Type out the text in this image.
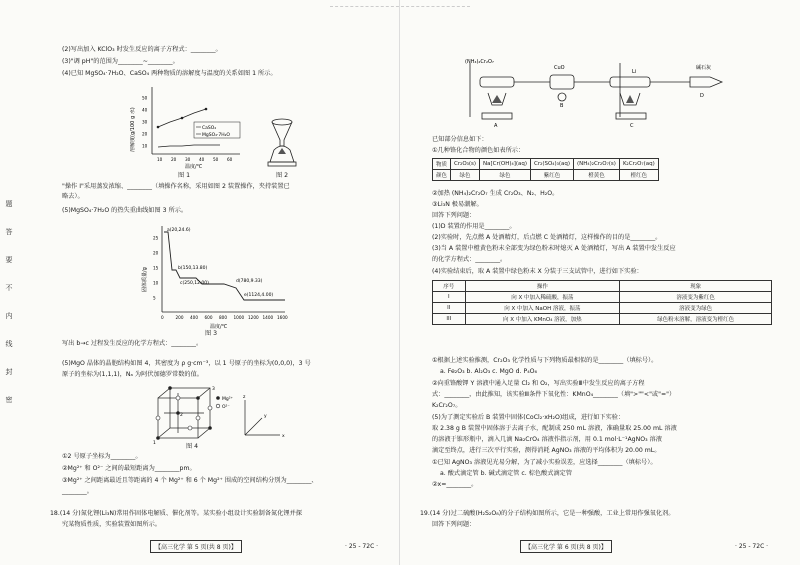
题
答
要
不
内
线
封
密
(2)写出加入 KClO₃ 时发生反应的离子方程式：________。
(3)"调 pH"的范围为________~________。
(4)已知 MgSO₄·7H₂O、CaSO₄ 两种物质的溶解度与温度的关系如图 1 所示。
溶解度(g/100 g 水)
温度/℃
10 20 30 40 50 60
10
20
30
40
50
CaSO₄
MgSO₄·7H₂O
图 1	图 2
"操作 I"采用蒸发浓缩、________（填操作名称，采用如图 2 装置操作，夹持装置已
略去）。
(5)MgSO₄·7H₂O 的热失重曲线如图 3 所示。
固体质量/g
温度/℃
0	200 400 600 800 1000 1200 1400 1600
5
10
15
20
25
a(20,24.6)
b(150,13.80)
c(250,12.00)	d(780,9.33)
e(1124,4.00)
图 3
写出 b→c 过程发生反应的化学方程式：________。
(5)MgO 晶体的晶胞结构如图 4，其密度为 ρ g·cm⁻³，以 1 号原子的坐标为(0,0,0)，3 号
原子的坐标为(1,1,1)，Nₐ 为阿伏加德罗常数的值。
1
2
3
Mg²⁺
O²⁻
x
z
y
图 4
①2 号原子坐标为________。
②Mg²⁺ 和 O²⁻ 之间的最短距离为________pm。
③Mg²⁺ 之间距离最近且等距离的 4 个 Mg²⁺ 和 6 个 Mg²⁺ 围成的空间结构分别为________、
________。
18.(14 分)氮化锂(Li₃N)常用作固体电解质、催化剂等。某实验小组设计实验制备氮化锂并探
究某物质性质，实验装置如图所示。
【高三化学 第 5 页(共 8 页)】	· 25 - 72C ·
(NH₄)₂Cr₂O₇
CuO
Li
碱石灰
A
B
C
D
已知部分信息如下：
①几种铬化合物的颜色如表所示：
物质	Cr₂O₃(s)	Na[Cr(OH)₄](aq)	Cr₂(SO₄)₃(aq)	(NH₄)₂Cr₂O₇(s)	K₂Cr₂O₇(aq)
颜色	绿色	绿色	紫红色	橙黄色	橙红色
②加热 (NH₄)₂Cr₂O₇ 生成 Cr₂O₃、N₂、H₂O。
③Li₃N 极易潮解。
回答下列问题：
(1)D 装置的作用是________。
(2)实验时，先点燃 A 处酒精灯，后点燃 C 处酒精灯，这样操作的目的是________。
(3)当 A 装置中橙黄色粉末全部变为绿色粉末时熄灭 A 处酒精灯，写出 A 装置中发生反应
的化学方程式：________。
(4)实验结束后，取 A 装置中绿色粉末 X 分装于三支试管中，进行如下实验：
序号	操作	现象
I	向 X 中加入稀硫酸，振荡	溶液变为紫红色
II	向 X 中加入 NaOH 溶液，振荡	溶液变为绿色
III	向 X 中加入 KMnO₄ 溶液，加热	绿色粉末溶解，溶液变为橙红色
①根据上述实验推测，Cr₂O₃ 化学性质与下列物质最相似的是________（填标号）。
a. Fe₂O₃ b. Al₂O₃ c. MgO d. P₄O₆
②向重铬酸钾 Y 溶液中通入足量 Cl₂ 和 O₂，写出实验Ⅲ中发生反应的离子方程
式：________，由此推知，该实验Ⅲ条件下氧化性：KMnO₄________（填">""<"或"="）
K₂Cr₂O₇。
(5)为了测定实验后 B 装置中固体(CoCl₂·xH₂O)组成，进行如下实验：
取 2.38 g B 装置中固体溶于去离子水，配制成 250 mL 溶液，准确量取 25.00 mL 溶液
的溶液于锥形瓶中，滴入几滴 Na₂CrO₄ 溶液作指示剂，用 0.1 mol·L⁻¹AgNO₃ 溶液
滴定至终点，进行三次平行实验，测得消耗 AgNO₃ 溶液的平均体积为 20.00 mL。
①已知 AgNO₃ 溶液见光易分解，为了减小实验误差，应选择________（填标号）。
a. 酸式滴定管 b. 碱式滴定管 c. 棕色酸式滴定管
②x=________。
19.(14 分)过二硫酸(H₂S₂O₈)的分子结构如图所示，它是一种强酸，工业上常用作强氧化剂。
回答下列问题：
【高三化学 第 6 页(共 8 页)】	· 25 - 72C ·
